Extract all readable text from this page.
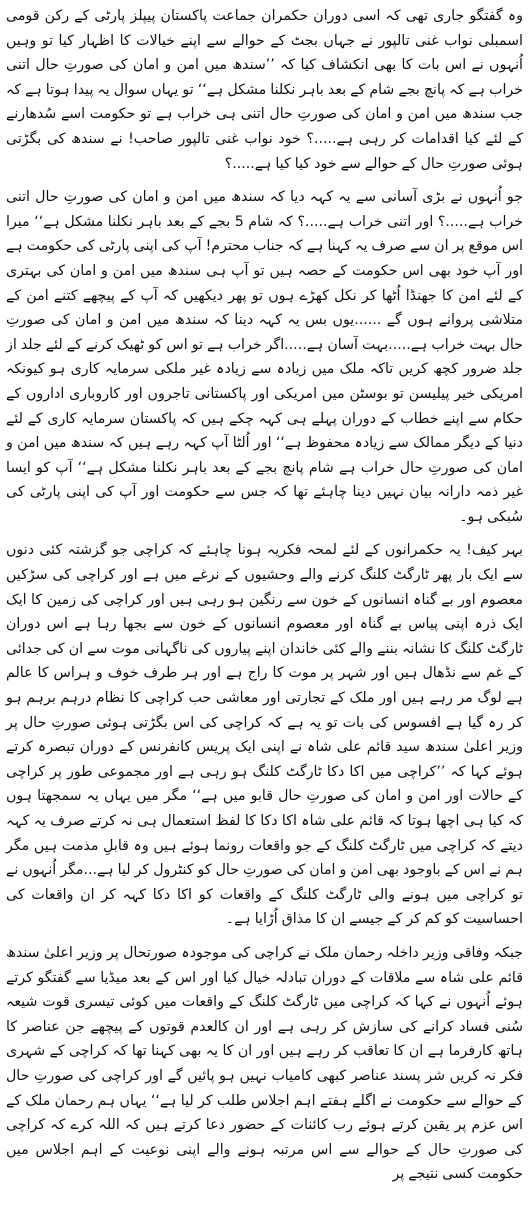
وہ گفتگو جاری تھی کہ اسی دوران حکمران جماعت پاکستان پیپلز پارٹی کے رکن قومی اسمبلی نواب غنی تالپور نے جہاں بجٹ کے حوالے سے اپنے خیالات کا اظہار کیا تو وہیں اُنہوں نے اس بات کا بھی انکشاف کیا کہ ’’سندھ میں امن و امان کی صورتِ حال اتنی خراب ہے کہ پانچ بجے شام کے بعد باہر نکلنا مشکل ہے‘‘ تو یہاں سوال یہ پیدا ہوتا ہے کہ جب سندھ میں امن و امان کی صورتِ حال اتنی ہی خراب ہے تو حکومت اسے سُدھارنے کے لئے کیا اقدامات کر رہی ہے.....؟ خود نواب غنی تالپور صاحب! نے سندھ کی بگڑتی ہوئی صورتِ حال کے حوالے سے خود کیا کیا ہے.....؟

جو اُنہوں نے بڑی آسانی سے یہ کہہ دیا کہ سندھ میں امن و امان کی صورتِ حال اتنی خراب ہے.....؟ اور اتنی خراب ہے.....؟ کہ شام 5 بجے کے بعد باہر نکلنا مشکل ہے‘‘ میرا اس موقع پر ان سے صرف یہ کہنا ہے کہ جناب محترم! آپ کی اپنی پارٹی کی حکومت ہے اور آپ خود بھی اس حکومت کے حصہ ہیں تو آپ ہی سندھ میں امن و امان کی بہتری کے لئے امن کا جھنڈا اُٹھا کر نکل کھڑے ہوں تو پھر دیکھیں کہ آپ کے پیچھے کتنے امن کے متلاشی پروانے ہوں گے ......یوں بس یہ کہہ دینا کہ سندھ میں امن و امان کی صورتِ حال بہت خراب ہے.....بہت آسان ہے.....اگر خراب ہے تو اس کو ٹھیک کرنے کے لئے جلد از جلد ضرور کچھ کریں تاکہ ملک میں زیادہ سے زیادہ غیر ملکی سرمایہ کاری ہو کیونکہ امریکی خیر پیلیسن تو بوسٹن میں امریکی اور پاکستانی تاجروں اور کاروباری اداروں کے حکام سے اپنے خطاب کے دوران پہلے ہی کہہ چکے ہیں کہ پاکستان سرمایہ کاری کے لئے دنیا کے دیگر ممالک سے زیادہ محفوظ ہے‘‘ اور اُلٹا آپ کہہ رہے ہیں کہ سندھ میں امن و امان کی صورتِ حال خراب ہے شام پانچ بجے کے بعد باہر نکلنا مشکل ہے‘‘ آپ کو ایسا غیر ذمہ دارانہ بیان نہیں دینا چاہئے تھا کہ جس سے حکومت اور آپ کی اپنی پارٹی کی سُبکی ہو۔

بہر کیف! یہ حکمرانوں کے لئے لمحہ فکریہ ہونا چاہئے کہ کراچی جو گزشتہ کئی دنوں سے ایک بار پھر ٹارگٹ کلنگ کرنے والے وحشیوں کے نرغے میں ہے اور کراچی کی سڑکیں معصوم اور بے گناہ انسانوں کے خون سے رنگین ہو رہی ہیں اور کراچی کی زمین کا ایک ایک ذرہ اپنی پیاس بے گناہ اور معصوم انسانوں کے خون سے بجھا رہا ہے اس دوران ٹارگٹ کلنگ کا نشانہ بننے والے کئی خاندان اپنے پیاروں کی ناگہانی موت سے ان کی جدائی کے غم سے نڈھال ہیں اور شہر پر موت کا راج ہے اور ہر طرف خوف و ہراس کا عالم ہے لوگ مر رہے ہیں اور ملک کے تجارتی اور معاشی حب کراچی کا نظام درہم برہم ہو کر رہ گیا ہے افسوس کی بات تو یہ ہے کہ کراچی کی اس بگڑتی ہوئی صورتِ حال پر وزیر اعلیٰ سندھ سید قائم علی شاہ نے اپنی ایک پریس کانفرنس کے دوران تبصرہ کرتے ہوئے کہا کہ ’’کراچی میں اکا دکا ٹارگٹ کلنگ ہو رہی ہے اور مجموعی طور پر کراچی کے حالات اور امن و امان کی صورتِ حال قابو میں ہے‘‘ مگر میں یہاں یہ سمجھتا ہوں کہ کیا ہی اچھا ہوتا کہ قائم علی شاہ اکا دکا کا لفظ استعمال ہی نہ کرتے صرف یہ کہہ دیتے کہ کراچی میں ٹارگٹ کلنگ کے جو واقعات رونما ہوئے ہیں وہ قابلِ مذمت ہیں مگر ہم نے اس کے باوجود بھی امن و امان کی صورتِ حال کو کنٹرول کر لیا ہے...مگر اُنہوں نے تو کراچی میں ہونے والی ٹارگٹ کلنگ کے واقعات کو اکا دکا کہہ کر ان واقعات کی احساسیت کو کم کر کے جیسے ان کا مذاق اُڑایا ہے۔

جبکہ وفاقی وزیر داخلہ رحمان ملک نے کراچی کی موجودہ صورتحال پر وزیر اعلیٰ سندھ قائم علی شاہ سے ملاقات کے دوران تبادلہ خیال کیا اور اس کے بعد میڈیا سے گفتگو کرتے ہوئے اُنہوں نے کہا کہ کراچی میں ٹارگٹ کلنگ کے واقعات میں کوئی تیسری قوت شیعہ سُنی فساد کرانے کی سازش کر رہی ہے اور ان کالعدم قوتوں کے پیچھے جن عناصر کا ہاتھ کارفرما ہے ان کا تعاقب کر رہے ہیں اور ان کا یہ بھی کہنا تھا کہ کراچی کے شہری فکر نہ کریں شر پسند عناصر کبھی کامیاب نہیں ہو پائیں گے اور کراچی کی صورتِ حال کے حوالے سے حکومت نے اگلے ہفتے اہم اجلاس طلب کر لیا ہے‘‘ یہاں ہم رحمان ملک کے اس عزم پر یقین کرتے ہوئے رب کائنات کے حضور دعا کرتے ہیں کہ اللہ کرے کہ کراچی کی صورتِ حال کے حوالے سے اس مرتبہ ہونے والے اپنی نوعیت کے اہم اجلاس میں حکومت کسی نتیجے پر
